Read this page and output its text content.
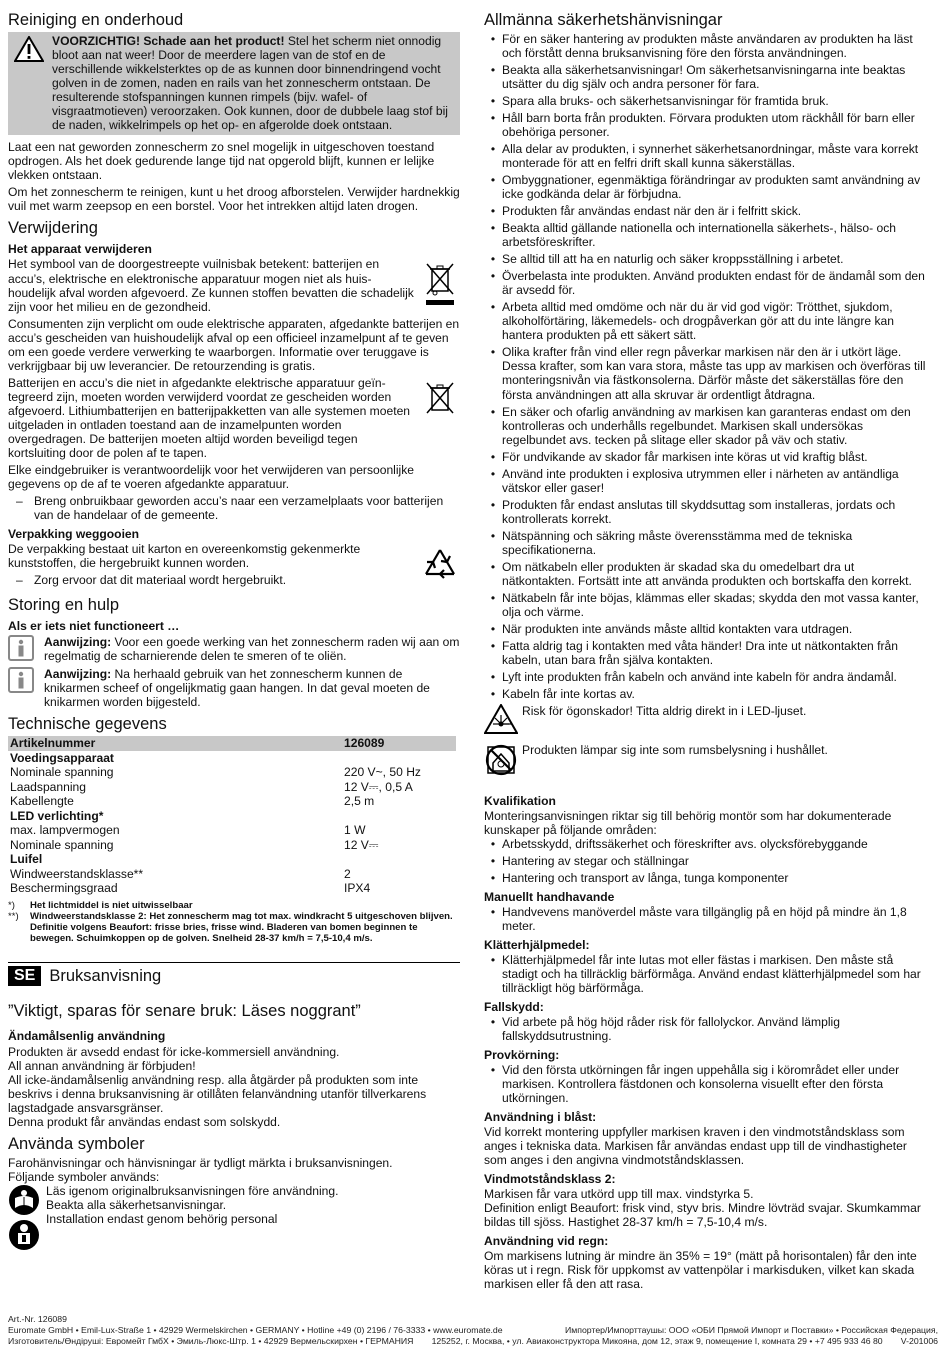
Reiniging en onderhoud
VOORZICHTIG! Schade aan het product! Stel het scherm niet onnodig bloot aan nat weer! Door de meerdere lagen van de stof en de verschillende wikkelsterktes op de as kunnen door binnendringend vocht golven in de zomen, naden en rails van het zonnescherm ontstaan. De resulterende stofspanningen kunnen rimpels (bijv. wafel- of visgraatmotieven) veroorzaken. Ook kunnen, door de dubbele laag stof bij de naden, wikkelrimpels op het op- en afgerolde doek ontstaan.

Laat een nat geworden zonnescherm zo snel mogelijk in uitgeschoven toestand opdrogen. Als het doek gedurende lange tijd nat opgerold blijft, kunnen er lelijke vlekken ontstaan.

Om het zonnescherm te reinigen, kunt u het droog afborstelen. Verwijder hardnekkig vuil met warm zeepsop en een borstel. Voor het intrekken altijd laten drogen.

Verwijdering
Het apparaat verwijderen

Het symbool van de doorgestreepte vuilnisbak betekent: batterijen en accu’s, elektrische en elektronische apparatuur mogen niet als huishoudelijk afval worden afgevoerd. Ze kunnen stoffen bevatten die schadelijk zijn voor het milieu en de gezondheid.

Consumenten zijn verplicht om oude elektrische apparaten, afgedankte batterijen en accu’s gescheiden van huishoudelijk afval op een officieel inzamelpunt af te geven om een goede verdere verwerking te waarborgen. Informatie over teruggave is verkrijgbaar bij uw leverancier. De retourzending is gratis.

Batterijen en accu’s die niet in afgedankte elektrische apparatuur geïntegreerd zijn, moeten worden verwijderd voordat ze gescheiden worden afgevoerd. Lithiumbatterijen en batterijpakketten van alle systemen moeten uitgeladen in ontladen toestand aan de inzamelpunten worden overgedragen. De batterijen moeten altijd worden beveiligd tegen kortsluiting door de polen af te tapen.

Elke eindgebruiker is verantwoordelijk voor het verwijderen van persoonlijke gegevens op de af te voeren afgedankte apparatuur.

– Breng onbruikbaar geworden accu’s naar een verzamelplaats voor batterijen van de handelaar of de gemeente.
Verpakking weggooien

De verpakking bestaat uit karton en overeenkomstig gekenmerkte kunststoffen, die hergebruikt kunnen worden.

– Zorg ervoor dat dit materiaal wordt hergebruikt.
Storing en hulp
Als er iets niet functioneert …
Aanwijzing: Voor een goede werking van het zonnescherm raden wij aan om regelmatig de scharnierende delen te smeren of te oliën.
Aanwijzing: Na herhaald gebruik van het zonnescherm kunnen de knikarmen scheef of ongelijkmatig gaan hangen. In dat geval moeten de knikarmen worden bijgesteld.
Technische gegevens
Artikelnummer	126089
Voedingsapparaat	
Nominale spanning	220 V~, 50 Hz
Laadspanning	12 V⎓, 0,5 A
Kabellengte	2,5 m
LED verlichting*	
max. lampvermogen	1 W
Nominale spanning	12 V⎓
Luifel	
Windweerstandsklasse**	2
Beschermingsgraad	IPX4
*)	Het lichtmiddel is niet uitwisselbaar
**)	Windweerstandsklasse 2: Het zonnescherm mag tot max. windkracht 5 uitgeschoven blijven. Definitie volgens Beaufort: frisse bries, frisse wind. Bladeren van bomen beginnen te bewegen. Schuimkoppen op de golven. Snelheid 28-37 km/h = 7,5-10,4 m/s.
SE Bruksanvisning
”Viktigt, sparas för senare bruk: Läses noggrant”
Ändamålsenlig användning

Produkten är avsedd endast för icke-kommersiell användning.

All annan användning är förbjuden!

All icke-ändamålsenlig användning resp. alla åtgärder på produkten som inte beskrivs i denna bruksanvisning är otillåten felanvändning utanför tillverkarens lagstadgade ansvarsgränser.

Denna produkt får användas endast som solskydd.

Använda symboler

Farohänvisningar och hänvisningar är tydligt märkta i bruksanvisningen.

Följande symboler används:

Läs igenom originalbruksanvisningen före användning.

Beakta alla säkerhetsanvisningar.

Installation endast genom behörig personal

Allmänna säkerhetshänvisningar
• För en säker hantering av produkten måste användaren av produkten ha läst och förstått denna bruksanvisning före den första användningen.
• Beakta alla säkerhetsanvisningar! Om säkerhetsanvisningarna inte beaktas utsätter du dig själv och andra personer för fara.
• Spara alla bruks- och säkerhetsanvisningar för framtida bruk.
• Håll barn borta från produkten. Förvara produkten utom räckhåll för barn eller obehöriga personer.
• Alla delar av produkten, i synnerhet säkerhetsanordningar, måste vara korrekt monterade för att en felfri drift skall kunna säkerställas.
• Ombyggnationer, egenmäktiga förändringar av produkten samt användning av icke godkända delar är förbjudna.
• Produkten får användas endast när den är i felfritt skick.
• Beakta alltid gällande nationella och internationella säkerhets-, hälso- och arbetsföreskrifter.
• Se alltid till att ha en naturlig och säker kroppsställning i arbetet.
• Överbelasta inte produkten. Använd produkten endast för de ändamål som den är avsedd för.
• Arbeta alltid med omdöme och när du är vid god vigör: Trötthet, sjukdom, alkoholförtäring, läkemedels- och drogpåverkan gör att du inte längre kan hantera produkten på ett säkert sätt.
• Olika krafter från vind eller regn påverkar markisen när den är i utkört läge. Dessa krafter, som kan vara stora, måste tas upp av markisen och överföras till monteringsnivån via fästkonsolerna. Därför måste det säkerställas före den första användningen att alla skruvar är ordentligt åtdragna.
• En säker och ofarlig användning av markisen kan garanteras endast om den kontrolleras och underhålls regelbundet. Markisen skall undersökas regelbundet avs. tecken på slitage eller skador på väv och stativ.
• För undvikande av skador får markisen inte köras ut vid kraftig blåst.
• Använd inte produkten i explosiva utrymmen eller i närheten av antändliga vätskor eller gaser!
• Produkten får endast anslutas till skyddsuttag som installeras, jordats och kontrollerats korrekt.
• Nätspänning och säkring måste överensstämma med de tekniska specifikationerna.
• Om nätkabeln eller produkten är skadad ska du omedelbart dra ut nätkontakten. Fortsätt inte att använda produkten och bortskaffa den korrekt.
• Nätkabeln får inte böjas, klämmas eller skadas; skydda den mot vassa kanter, olja och värme.
• När produkten inte används måste alltid kontakten vara utdragen.
• Fatta aldrig tag i kontakten med våta händer! Dra inte ut nätkontakten från kabeln, utan bara från själva kontakten.
• Lyft inte produkten från kabeln och använd inte kabeln för andra ändamål.
• Kabeln får inte kortas av.
Risk för ögonskador! Titta aldrig direkt in i LED-ljuset.
Produkten lämpar sig inte som rumsbelysning i hushållet.
Kvalifikation

Monteringsanvisningen riktar sig till behörig montör som har dokumenterade kunskaper på följande områden:

• Arbetsskydd, driftssäkerhet och föreskrifter avs. olycksförebyggande
• Hantering av stegar och ställningar
• Hantering och transport av långa, tunga komponenter
Manuellt handhavande
• Handvevens manöverdel måste vara tillgänglig på en höjd på mindre än 1,8 meter.
Klätterhjälpmedel:
• Klätterhjälpmedel får inte lutas mot eller fästas i markisen. Den måste stå stadigt och ha tillräcklig bärförmåga. Använd endast klätterhjälpmedel som har tillräckligt hög bärförmåga.
Fallskydd:
• Vid arbete på hög höjd råder risk för fallolyckor. Använd lämplig fallskyddsutrustning.
Provkörning:
• Vid den första utkörningen får ingen uppehålla sig i körområdet eller under markisen. Kontrollera fästdonen och konsolerna visuellt efter den första utkörningen.
Användning i blåst:

Vid korrekt montering uppfyller markisen kraven i den vindmotståndsklass som anges i tekniska data. Markisen får användas endast upp till de vindhastigheter som anges i den angivna vindmotståndsklassen.

Vindmotståndsklass 2:

Markisen får vara utkörd upp till max. vindstyrka 5.

Definition enligt Beaufort: frisk vind, styv bris. Mindre lövträd svajar. Skumkammar bildas till sjöss. Hastighet 28-37 km/h = 7,5-10,4 m/s.

Användning vid regn:

Om markisens lutning är mindre än 35% = 19° (mätt på horisontalen) får den inte köras ut i regn. Risk för uppkomst av vattenpölar i markisduken, vilket kan skada markisen eller få den att rasa.

Art.-Nr. 126089
Euromate GmbH • Emil-Lux-Straße 1 • 42929 Wermelskirchen • GERMANY • Hotline +49 (0) 2196 / 76-3333 • www.euromate.de	Импортер/Импорттаушы: ООО «ОБИ Прямой Импорт и Поставки» • Российская Федерация,
Изготовитель/Өндіруші: Евромейт ГмбХ • Эмиль-Люкс-Штр. 1 • 42929 Вермельскирхен • ГЕРМАНИЯ 125252, г. Москва, • ул. Авиаконструктора Микояна, дом 12, этаж 9, помещение I, комната 29 • +7 495 933 46 80 V-201006
